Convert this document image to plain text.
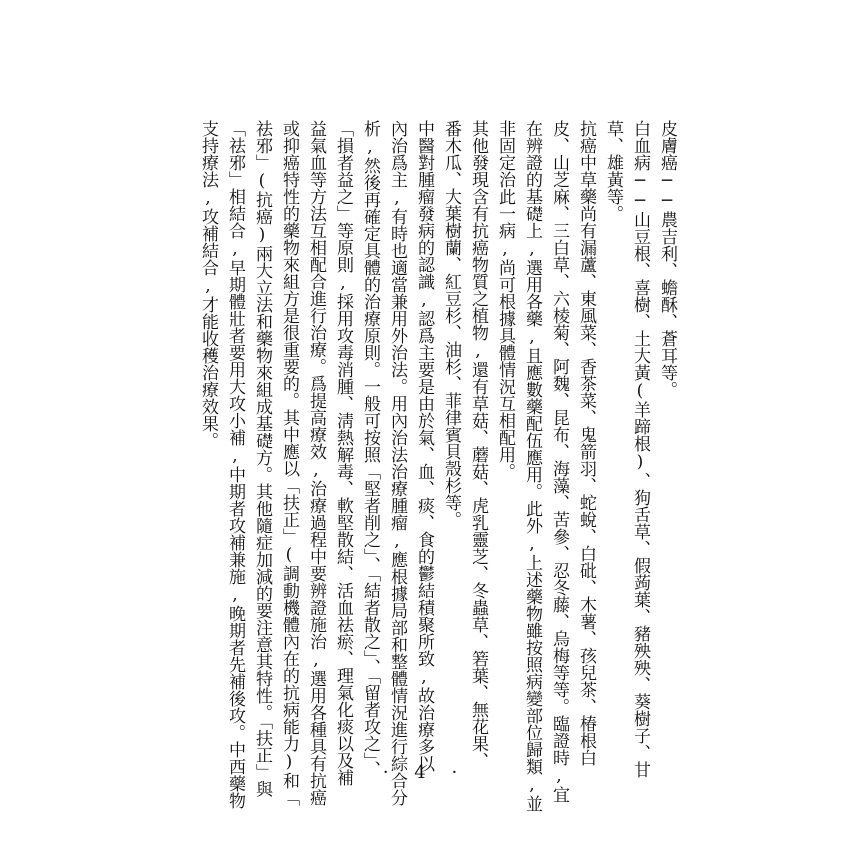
皮膚癌──農吉利、蟾酥、蒼耳等。
白血病──山豆根、喜樹、土大黃(羊蹄根)、狗舌草、假蒟葉、豬殃殃、葵樹子、甘
草、雄黃等。
抗癌中草藥尚有漏蘆、東風菜、香茶菜、鬼箭羽、蛇蛻、白砒、木薯、孩兒茶、椿根白
皮、山芝麻、三白草、六棱菊、阿魏、昆布、海藻、苦參、忍冬藤、烏梅等等。臨證時,宜
在辨證的基礎上,選用各藥,且應數藥配伍應用。此外,上述藥物雖按照病變部位歸類,並
非固定治此一病,尚可根據具體情況互相配用。
其他發現含有抗癌物質之植物,還有草菇、蘑菇、虎乳靈芝、冬蟲草、箬葉、無花果、
番木瓜、大葉樹蘭、紅豆杉、油杉、菲律賓貝殼杉等。
中醫對腫瘤發病的認識,認爲主要是由於氣、血、痰、食的鬱結積聚所致,故治療多以
內治爲主,有時也適當兼用外治法。用內治法治療腫瘤,應根據局部和整體情況進行綜合分
析,然後再確定具體的治療原則。一般可按照「堅者削之」、「結者散之」、「留者攻之」、
「損者益之」等原則,採用攻毒消腫、淸熱解毒、軟堅散結、活血祛瘀、理氣化痰以及補
益氣血等方法互相配合進行治療。爲提高療效,治療過程中要辨證施治,選用各種具有抗癌
或抑癌特性的藥物來組方是很重要的。其中應以「扶正」(調動機體內在的抗病能力)和「
祛邪」(抗癌)兩大立法和藥物來組成基礎方。其他隨症加減的要注意其特性。「扶正」與
「祛邪」相結合,早期體壯者要用大攻小補,中期者攻補兼施,晚期者先補後攻。中西藥物
支持療法,攻補結合,才能收穫治療效果。
· 4 ·
